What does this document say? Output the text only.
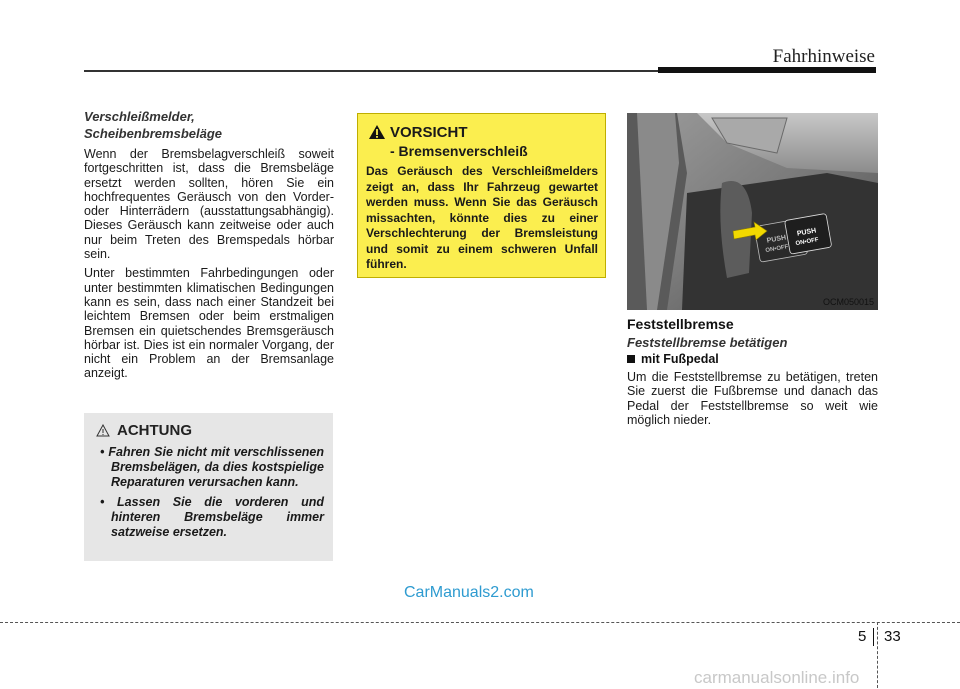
Fahrhinweise
Verschleißmelder,
Scheibenbremsbeläge

Wenn der Bremsbelagverschleiß soweit fortgeschritten ist, dass die Bremsbeläge ersetzt werden sollten, hören Sie ein hochfrequentes Geräusch von den Vorder- oder Hinterrädern (ausstattungsabhängig). Dieses Geräusch kann zeitweise oder auch nur beim Treten des Bremspedals hörbar sein.

Unter bestimmten Fahrbedingungen oder unter bestimmten klimatischen Bedingungen kann es sein, dass nach einer Standzeit bei leichtem Bremsen oder beim erstmaligen Bremsen ein quietschendes Bremsgeräusch hörbar ist. Dies ist ein normaler Vorgang, der nicht ein Problem an der Bremsanlage anzeigt.

ACHTUNG
• Fahren Sie nicht mit verschlissenen Bremsbelägen, da dies kostspielige Reparaturen verursachen kann.
• Lassen Sie die vorderen und hinteren Bremsbeläge immer satzweise ersetzen.
VORSICHT
- Bremsenverschleiß

Das Geräusch des Verschleißmelders zeigt an, dass Ihr Fahrzeug gewartet werden muss. Wenn Sie das Geräusch missachten, könnte dies zu einer Verschlechterung der Bremsleistung und somit zu einem schweren Unfall führen.

PUSH
ON•OFF
PUSH
ON•OFF
OCM050015
Feststellbremse
Feststellbremse betätigen
mit Fußpedal

Um die Feststellbremse zu betätigen, treten Sie zuerst die Fußbremse und danach das Pedal der Feststellbremse so weit wie möglich nieder.

CarManuals2.com
5 33
carmanualsonline.info
